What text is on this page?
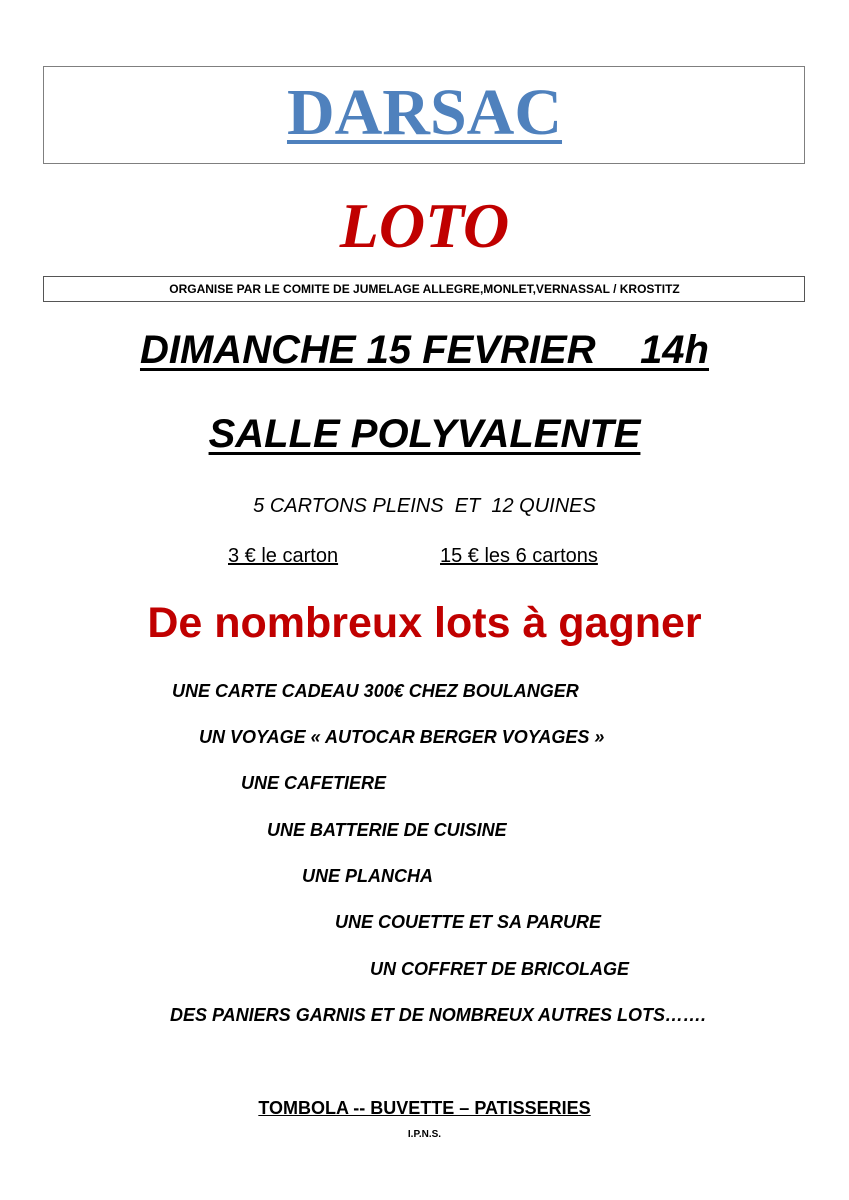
DARSAC
LOTO
ORGANISE PAR LE COMITE DE JUMELAGE ALLEGRE,MONLET,VERNASSAL / KROSTITZ
DIMANCHE 15 FEVRIER    14h
SALLE POLYVALENTE
5 CARTONS PLEINS  ET  12 QUINES
3 € le carton	15 € les 6 cartons
De nombreux lots à gagner
UNE CARTE CADEAU 300€ CHEZ BOULANGER
UN VOYAGE « AUTOCAR BERGER VOYAGES »
UNE CAFETIERE
UNE BATTERIE DE CUISINE
UNE PLANCHA
UNE COUETTE ET SA PARURE
UN COFFRET DE BRICOLAGE
DES PANIERS GARNIS ET DE NOMBREUX AUTRES LOTS…….
TOMBOLA -- BUVETTE – PATISSERIES
I.P.N.S.
